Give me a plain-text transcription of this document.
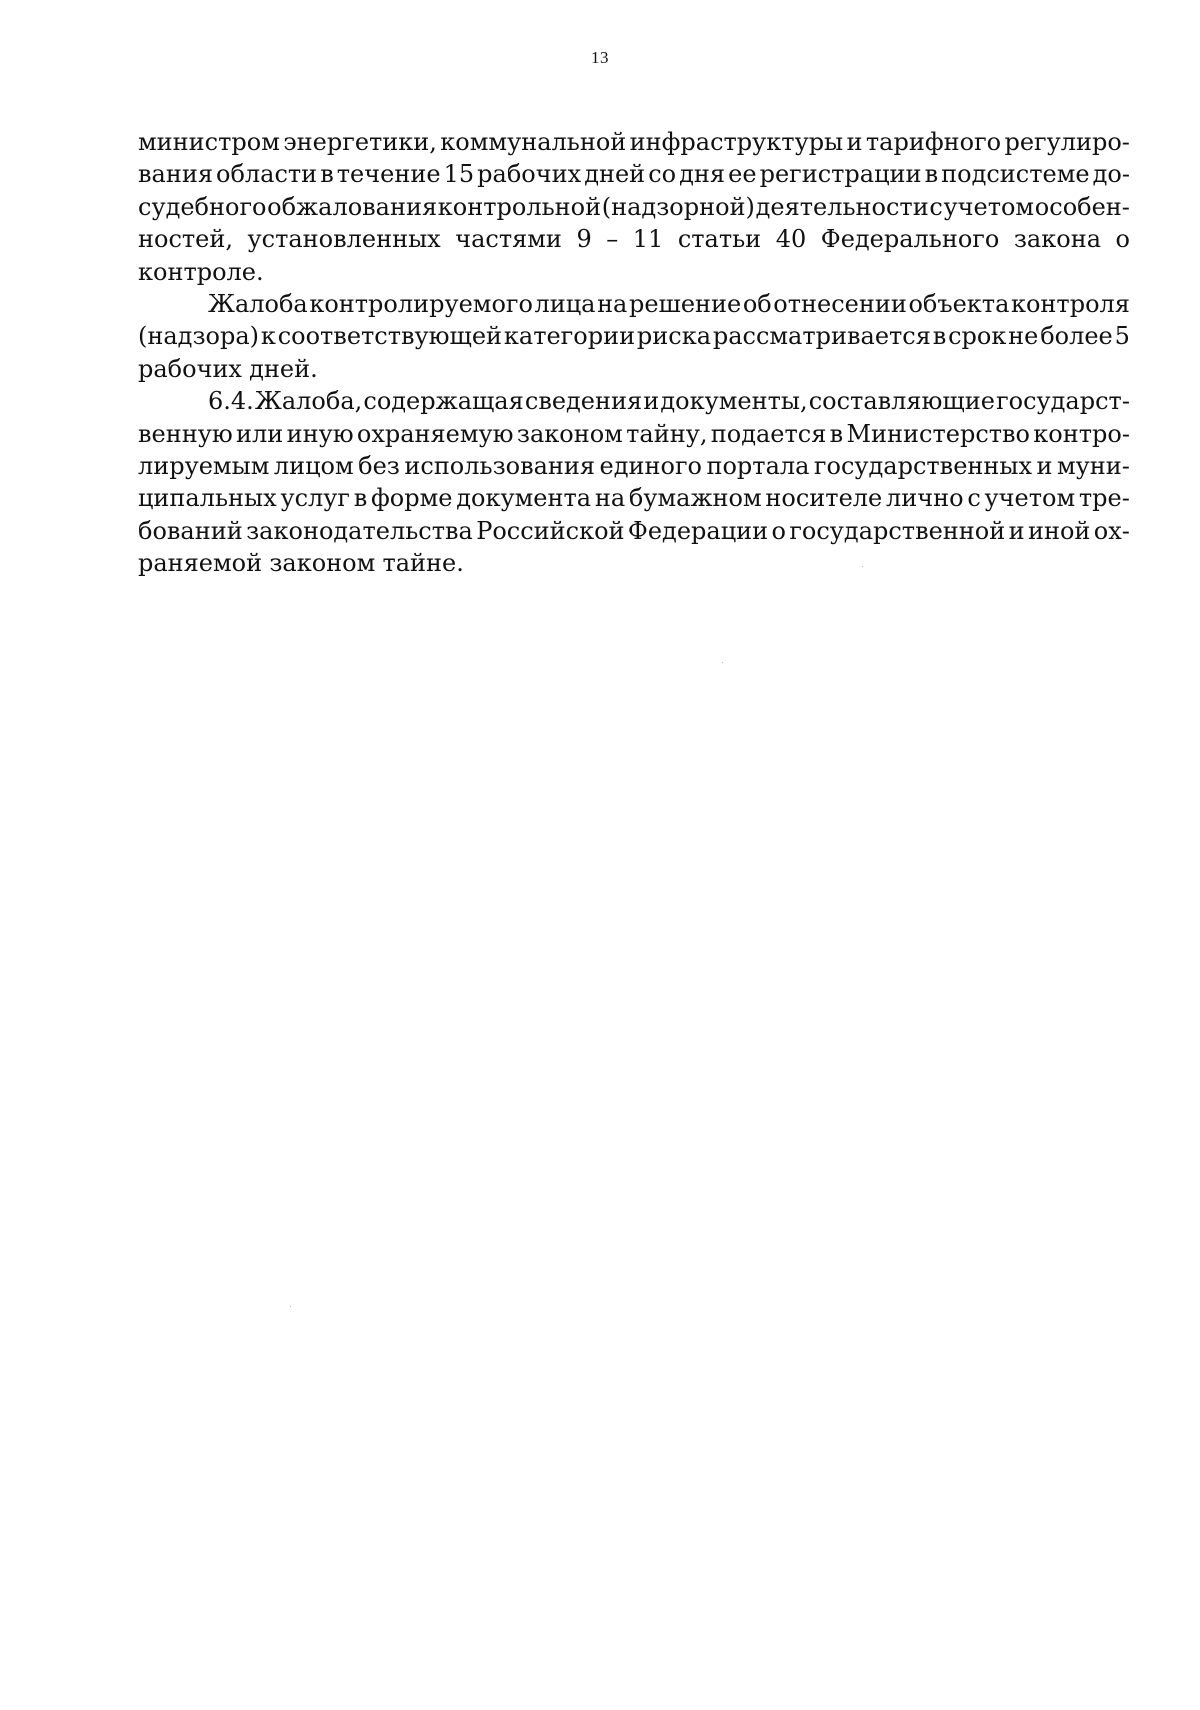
13
министром энергетики, коммунальной инфраструктуры и тарифного регулиро-
вания области в течение 15 рабочих дней со дня ее регистрации в подсистеме до-
судебного обжалования контрольной (надзорной) деятельности с учетом особен-
ностей, установленных частями 9 – 11 статьи 40 Федерального закона о
контроле.
Жалоба контролируемого лица на решение об отнесении объекта контроля
(надзора) к соответствующей категории риска рассматривается в срок не более 5
рабочих дней.
6.4. Жалоба, содержащая сведения и документы, составляющие государст-
венную или иную охраняемую законом тайну, подается в Министерство контро-
лируемым лицом без использования единого портала государственных и муни-
ципальных услуг в форме документа на бумажном носителе лично с учетом тре-
бований законодательства Российской Федерации о государственной и иной ох-
раняемой законом тайне.
